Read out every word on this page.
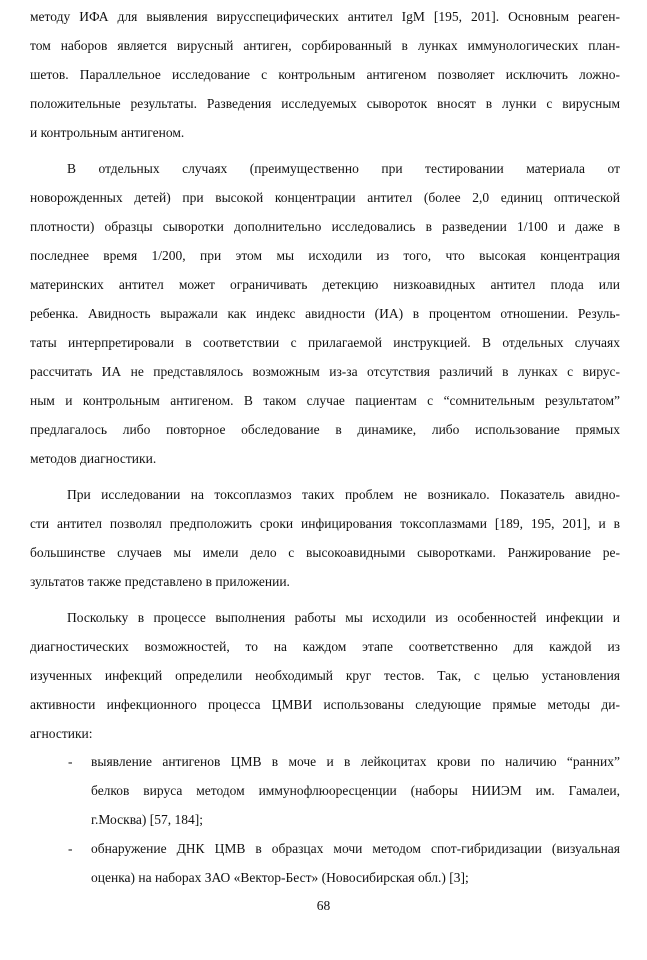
методу ИФА для выявления вирусспецифических антител IgM [195, 201]. Основным реаген-
том наборов является вирусный антиген, сорбированный в лунках иммунологических план-
шетов. Параллельное исследование с контрольным антигеном позволяет исключить ложно-
положительные результаты. Разведения исследуемых сывороток вносят в лунки с вирусным
и контрольным антигеном.
В отдельных случаях (преимущественно при тестировании материала от
новорожденных детей) при высокой концентрации антител (более 2,0 единиц оптической
плотности) образцы сыворотки дополнительно исследовались в разведении 1/100 и даже в
последнее время 1/200, при этом мы исходили из того, что высокая концентрация
материнских антител может ограничивать детекцию низкоавидных антител плода или
ребенка. Авидность выражали как индекс авидности (ИА) в процентом отношении. Резуль-
таты интерпретировали в соответствии с прилагаемой инструкцией. В отдельных случаях
рассчитать ИА не представлялось возможным из-за отсутствия различий в лунках с вирус-
ным и контрольным антигеном. В таком случае пациентам с “сомнительным результатом”
предлагалось либо повторное обследование в динамике, либо использование прямых
методов диагностики.
При исследовании на токсоплазмоз таких проблем не возникало. Показатель авидно-
сти антител позволял предположить сроки инфицирования токсоплазмами [189, 195, 201], и в
большинстве случаев мы имели дело с высокоавидными сыворотками. Ранжирование ре-
зультатов также представлено в приложении.
Поскольку в процессе выполнения работы мы исходили из особенностей инфекции и
диагностических возможностей, то на каждом этапе соответственно для каждой из
изученных инфекций определили необходимый круг тестов. Так, с целью установления
активности инфекционного процесса ЦМВИ использованы следующие прямые методы ди-
агностики:
- выявление антигенов ЦМВ в моче и в лейкоцитах крови по наличию “ранних”
белков вируса методом иммунофлюоресценции (наборы НИИЭМ им. Гамалеи,
г.Москва) [57, 184];
- обнаружение ДНК ЦМВ в образцах мочи методом спот-гибридизации (визуальная
оценка) на наборах ЗАО «Вектор-Бест» (Новосибирская обл.) [3];
68
